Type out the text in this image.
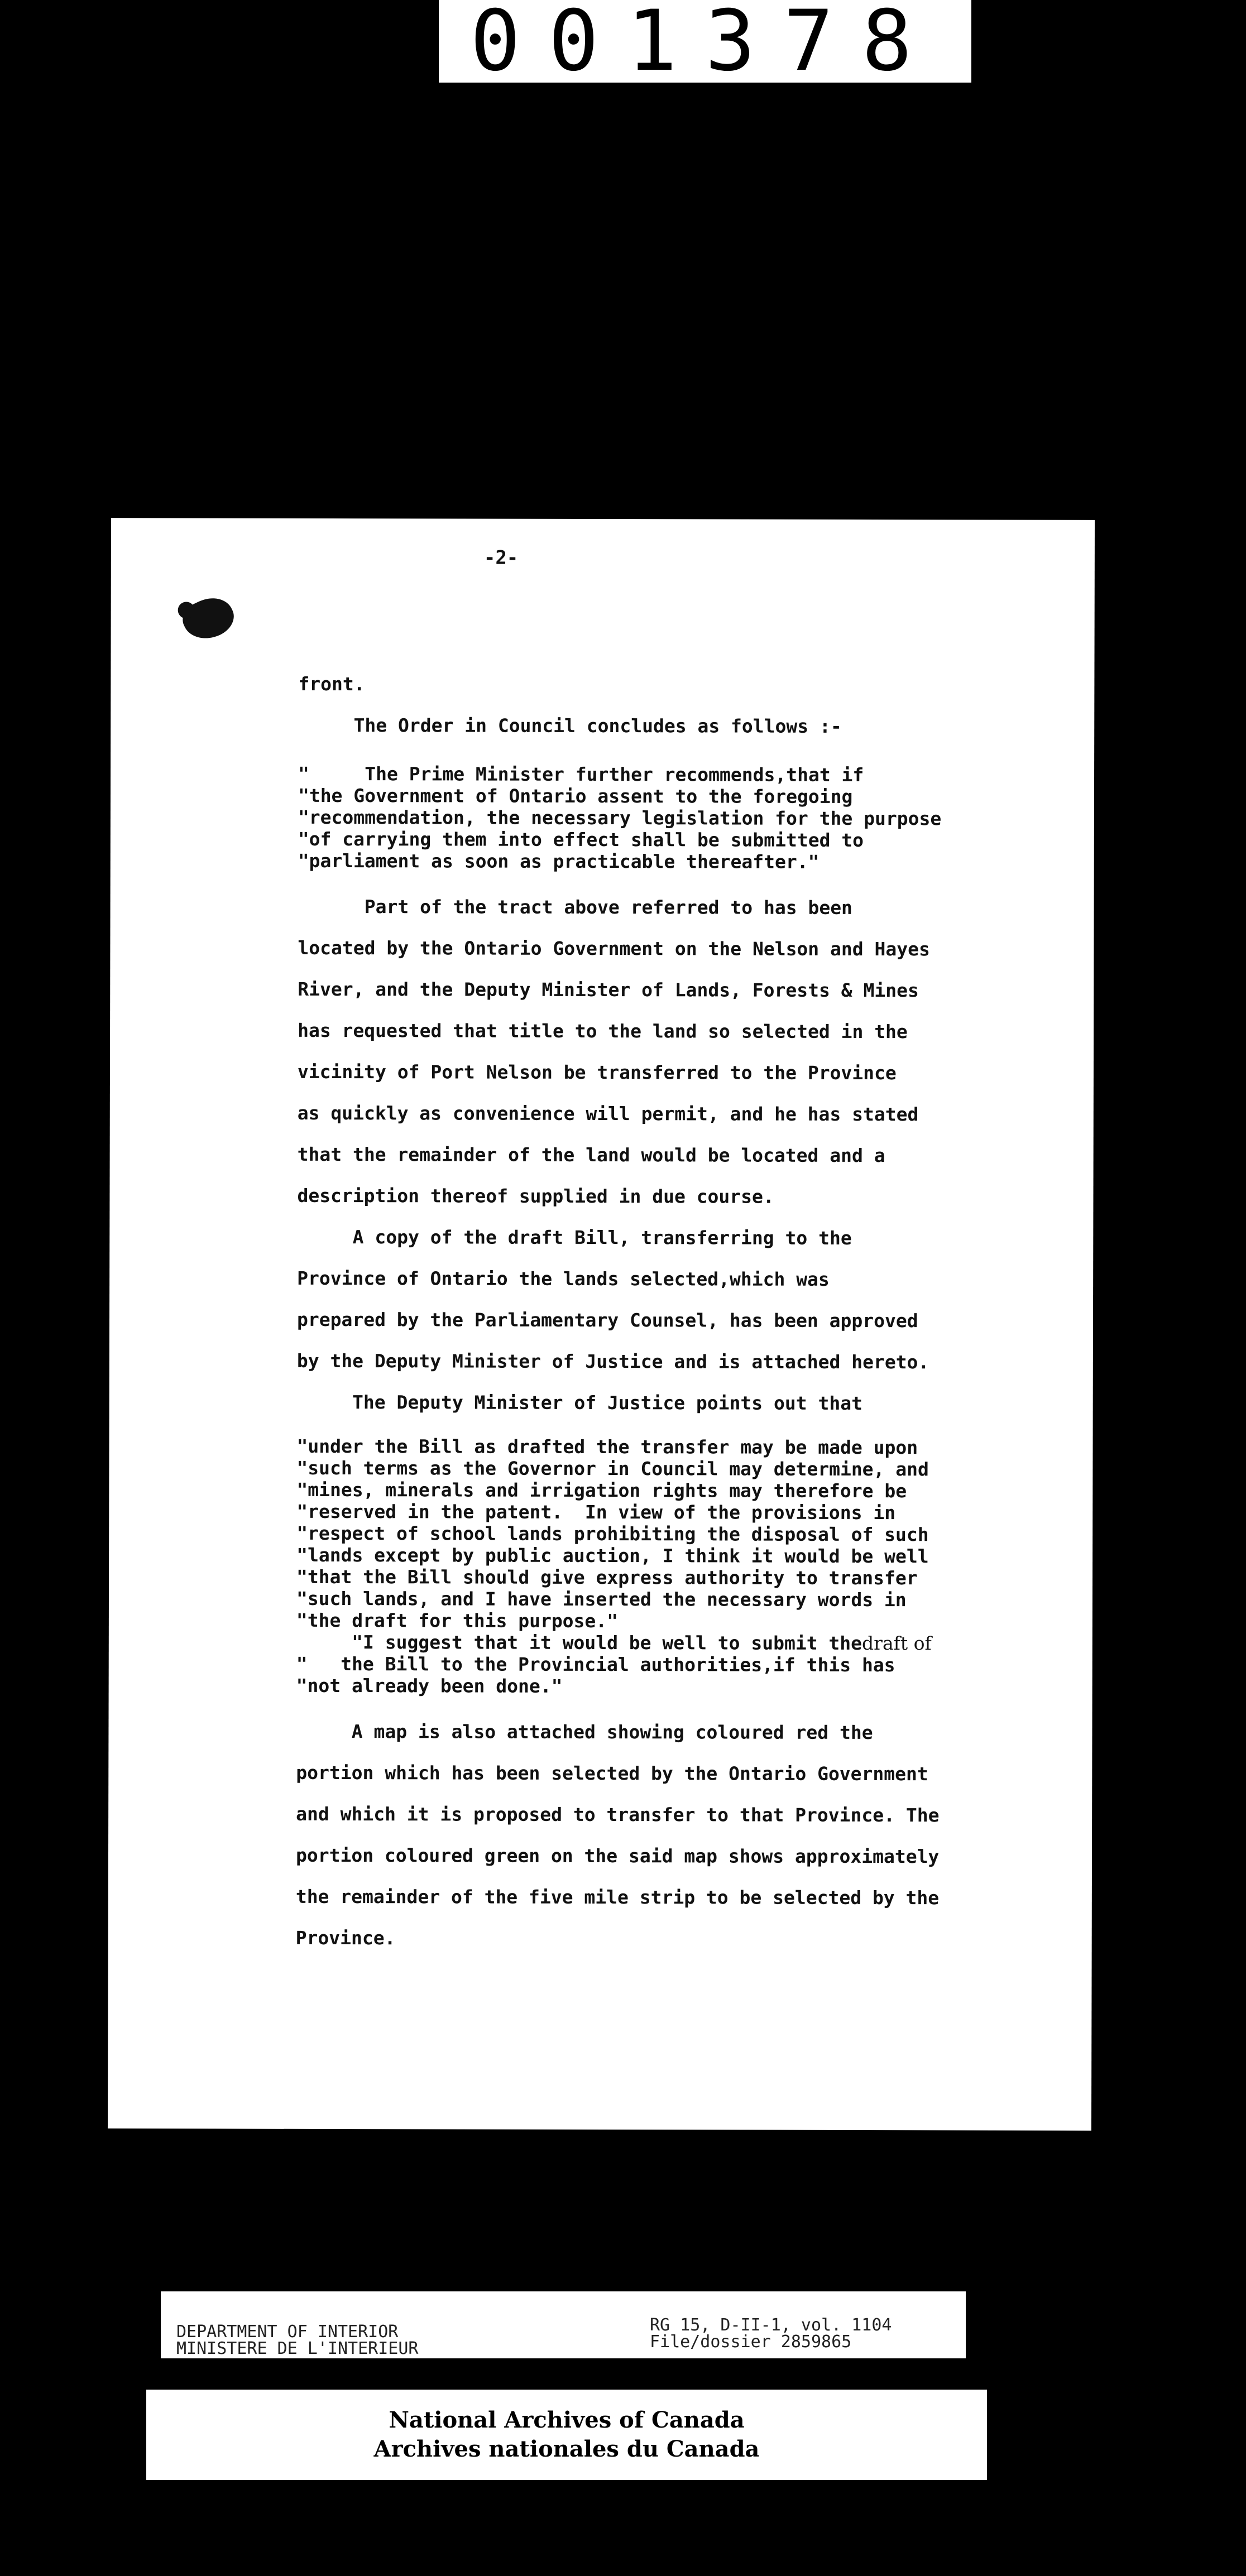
001378
-2-

front.

The Order in Council concludes as follows :-

"     The Prime Minister further recommends,that if

"the Government of Ontario assent to the foregoing

"recommendation, the necessary legislation for the purpose

"of carrying them into effect shall be submitted to

"parliament as soon as practicable thereafter."

Part of the tract above referred to has been

located by the Ontario Government on the Nelson and Hayes

River, and the Deputy Minister of Lands, Forests & Mines

has requested that title to the land so selected in the

vicinity of Port Nelson be transferred to the Province

as quickly as convenience will permit, and he has stated

that the remainder of the land would be located and a

description thereof supplied in due course.

A copy of the draft Bill, transferring to the

Province of Ontario the lands selected,which was

prepared by the Parliamentary Counsel, has been approved

by the Deputy Minister of Justice and is attached hereto.

The Deputy Minister of Justice points out that

"under the Bill as drafted the transfer may be made upon

"such terms as the Governor in Council may determine, and

"mines, minerals and irrigation rights may therefore be

"reserved in the patent.  In view of the provisions in

"respect of school lands prohibiting the disposal of such

"lands except by public auction, I think it would be well

"that the Bill should give express authority to transfer

"such lands, and I have inserted the necessary words in

"the draft for this purpose."

"I suggest that it would be well to submit thedraft of

"   the Bill to the Provincial authorities,if this has

"not already been done."

A map is also attached showing coloured red the

portion which has been selected by the Ontario Government

and which it is proposed to transfer to that Province. The

portion coloured green on the said map shows approximately

the remainder of the five mile strip to be selected by the

Province.

DEPARTMENT OF INTERIOR
MINISTERE DE L'INTERIEUR
RG 15, D-II-1, vol. 1104
File/dossier 2859865
National Archives of Canada
Archives nationales du Canada
